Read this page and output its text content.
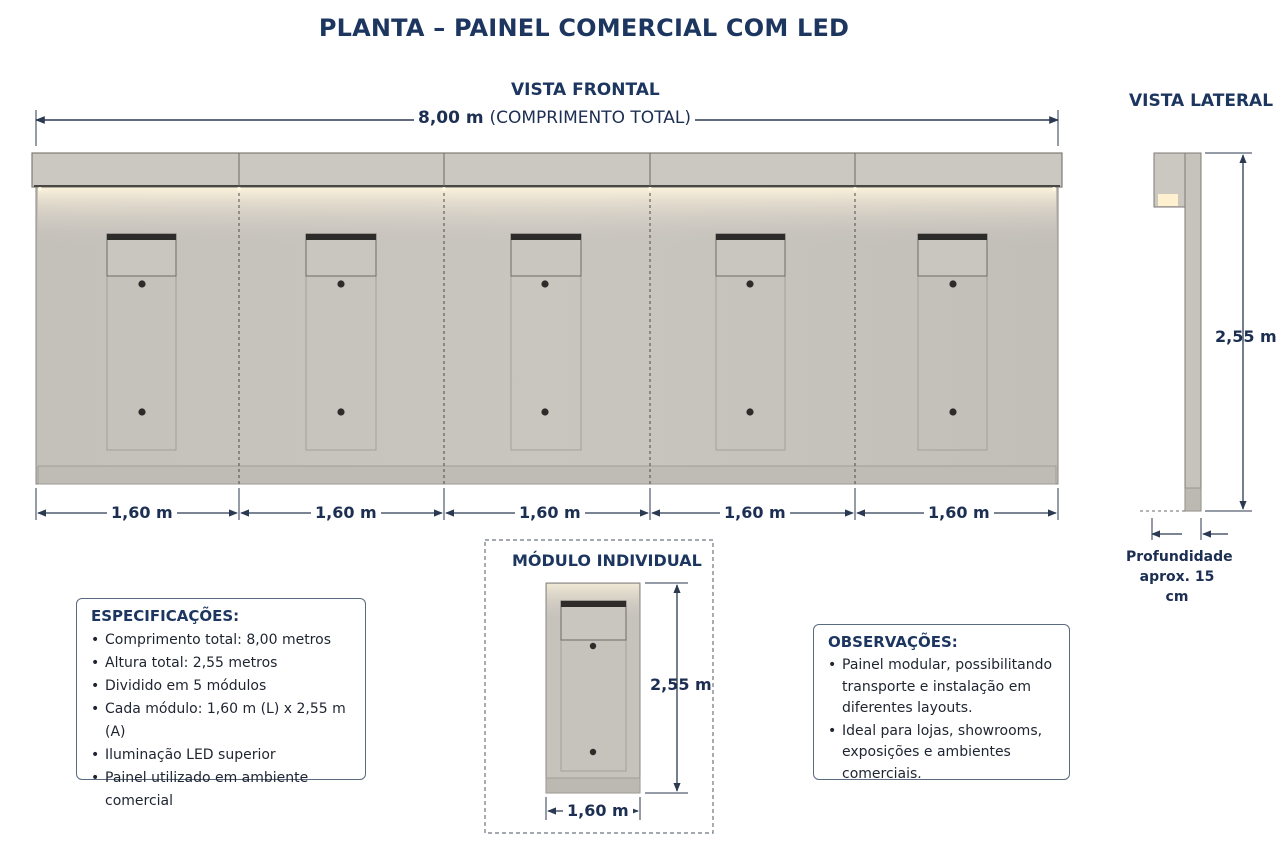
PLANTA – PAINEL COMERCIAL COM LED
VISTA FRONTAL
8,00 m (COMPRIMENTO TOTAL)
1,60 m	1,60 m	1,60 m	1,60 m	1,60 m
VISTA LATERAL
2,55 m
Profundidade
aprox. 15 cm
MÓDULO INDIVIDUAL
2,55 m
1,60 m
ESPECIFICAÇÕES:
• Comprimento total: 8,00 metros
• Altura total: 2,55 metros
• Dividido em 5 módulos
• Cada módulo: 1,60 m (L) x 2,55 m (A)
• Iluminação LED superior
• Painel utilizado em ambiente comercial
OBSERVAÇÕES:
• Painel modular, possibilitando transporte e instalação em diferentes layouts.
• Ideal para lojas, showrooms, exposições e ambientes comerciais.
